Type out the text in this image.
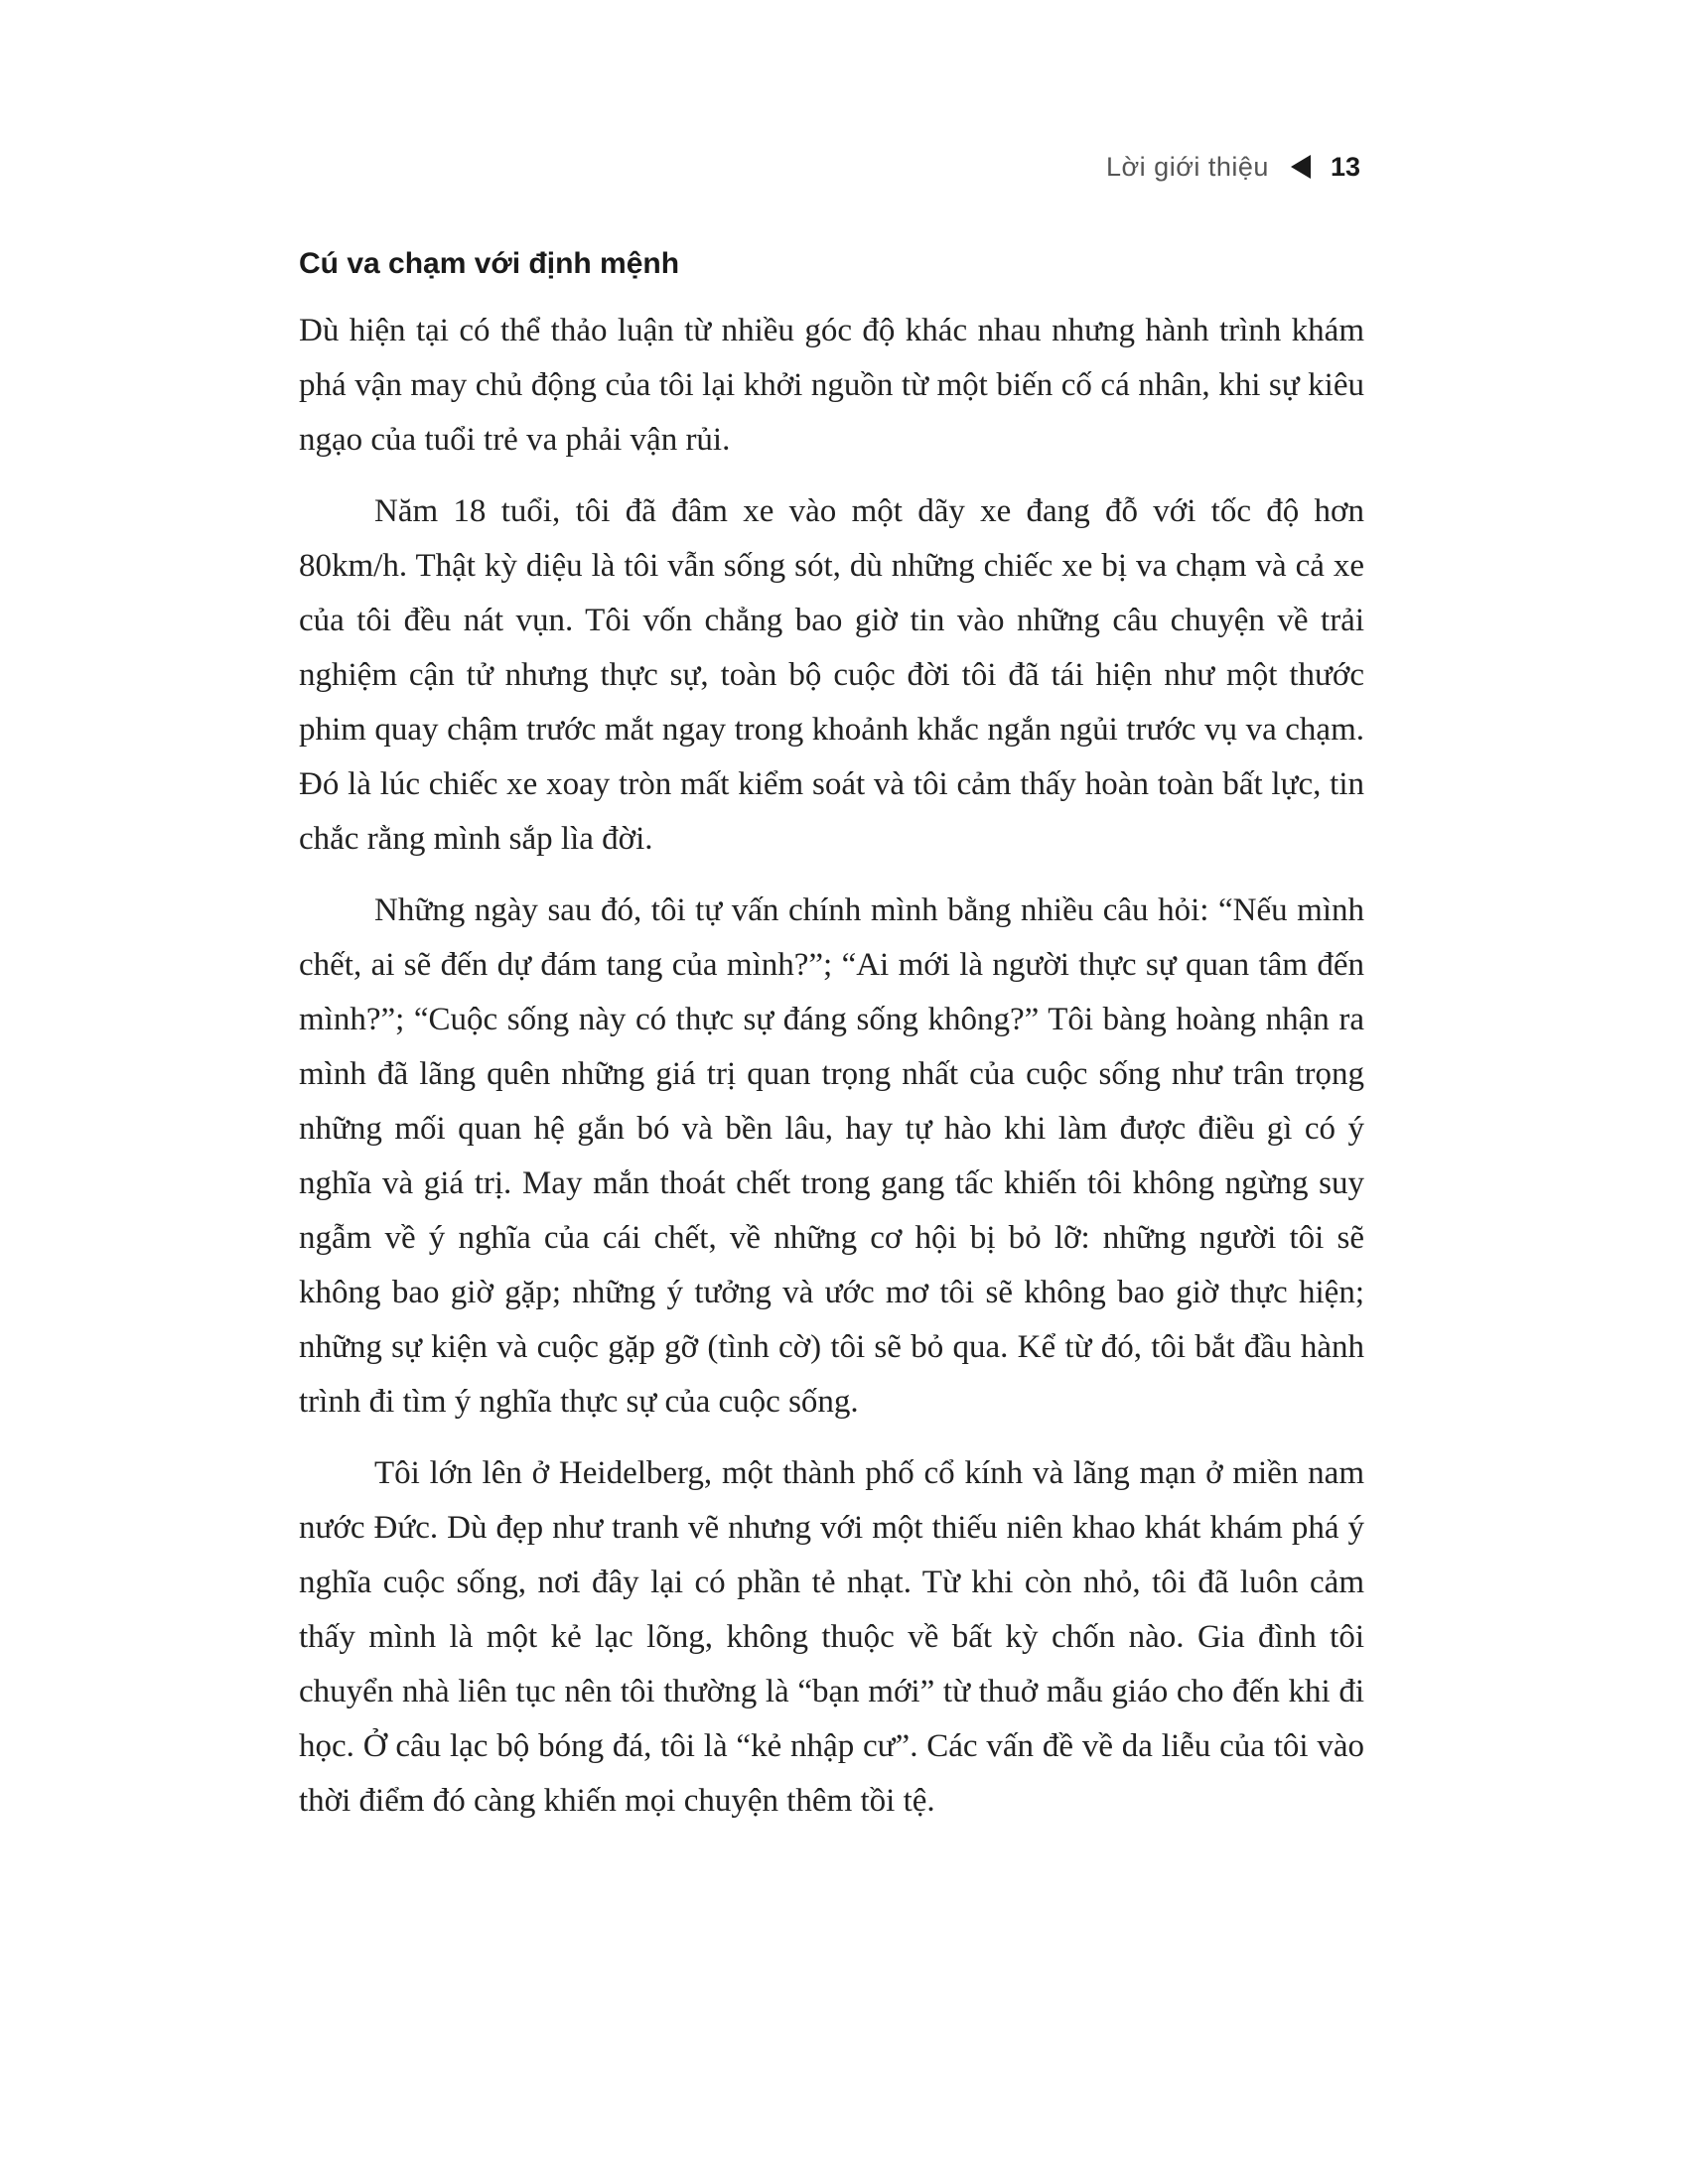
Lời giới thiệu 13
Cú va chạm với định mệnh

Dù hiện tại có thể thảo luận từ nhiều góc độ khác nhau nhưng hành trình khám phá vận may chủ động của tôi lại khởi nguồn từ một biến cố cá nhân, khi sự kiêu ngạo của tuổi trẻ va phải vận rủi.

Năm 18 tuổi, tôi đã đâm xe vào một dãy xe đang đỗ với tốc độ hơn 80km/h. Thật kỳ diệu là tôi vẫn sống sót, dù những chiếc xe bị va chạm và cả xe của tôi đều nát vụn. Tôi vốn chẳng bao giờ tin vào những câu chuyện về trải nghiệm cận tử nhưng thực sự, toàn bộ cuộc đời tôi đã tái hiện như một thước phim quay chậm trước mắt ngay trong khoảnh khắc ngắn ngủi trước vụ va chạm. Đó là lúc chiếc xe xoay tròn mất kiểm soát và tôi cảm thấy hoàn toàn bất lực, tin chắc rằng mình sắp lìa đời.

Những ngày sau đó, tôi tự vấn chính mình bằng nhiều câu hỏi: “Nếu mình chết, ai sẽ đến dự đám tang của mình?”; “Ai mới là người thực sự quan tâm đến mình?”; “Cuộc sống này có thực sự đáng sống không?” Tôi bàng hoàng nhận ra mình đã lãng quên những giá trị quan trọng nhất của cuộc sống như trân trọng những mối quan hệ gắn bó và bền lâu, hay tự hào khi làm được điều gì có ý nghĩa và giá trị. May mắn thoát chết trong gang tấc khiến tôi không ngừng suy ngẫm về ý nghĩa của cái chết, về những cơ hội bị bỏ lỡ: những người tôi sẽ không bao giờ gặp; những ý tưởng và ước mơ tôi sẽ không bao giờ thực hiện; những sự kiện và cuộc gặp gỡ (tình cờ) tôi sẽ bỏ qua. Kể từ đó, tôi bắt đầu hành trình đi tìm ý nghĩa thực sự của cuộc sống.

Tôi lớn lên ở Heidelberg, một thành phố cổ kính và lãng mạn ở miền nam nước Đức. Dù đẹp như tranh vẽ nhưng với một thiếu niên khao khát khám phá ý nghĩa cuộc sống, nơi đây lại có phần tẻ nhạt. Từ khi còn nhỏ, tôi đã luôn cảm thấy mình là một kẻ lạc lõng, không thuộc về bất kỳ chốn nào. Gia đình tôi chuyển nhà liên tục nên tôi thường là “bạn mới” từ thuở mẫu giáo cho đến khi đi học. Ở câu lạc bộ bóng đá, tôi là “kẻ nhập cư”. Các vấn đề về da liễu của tôi vào thời điểm đó càng khiến mọi chuyện thêm tồi tệ.
